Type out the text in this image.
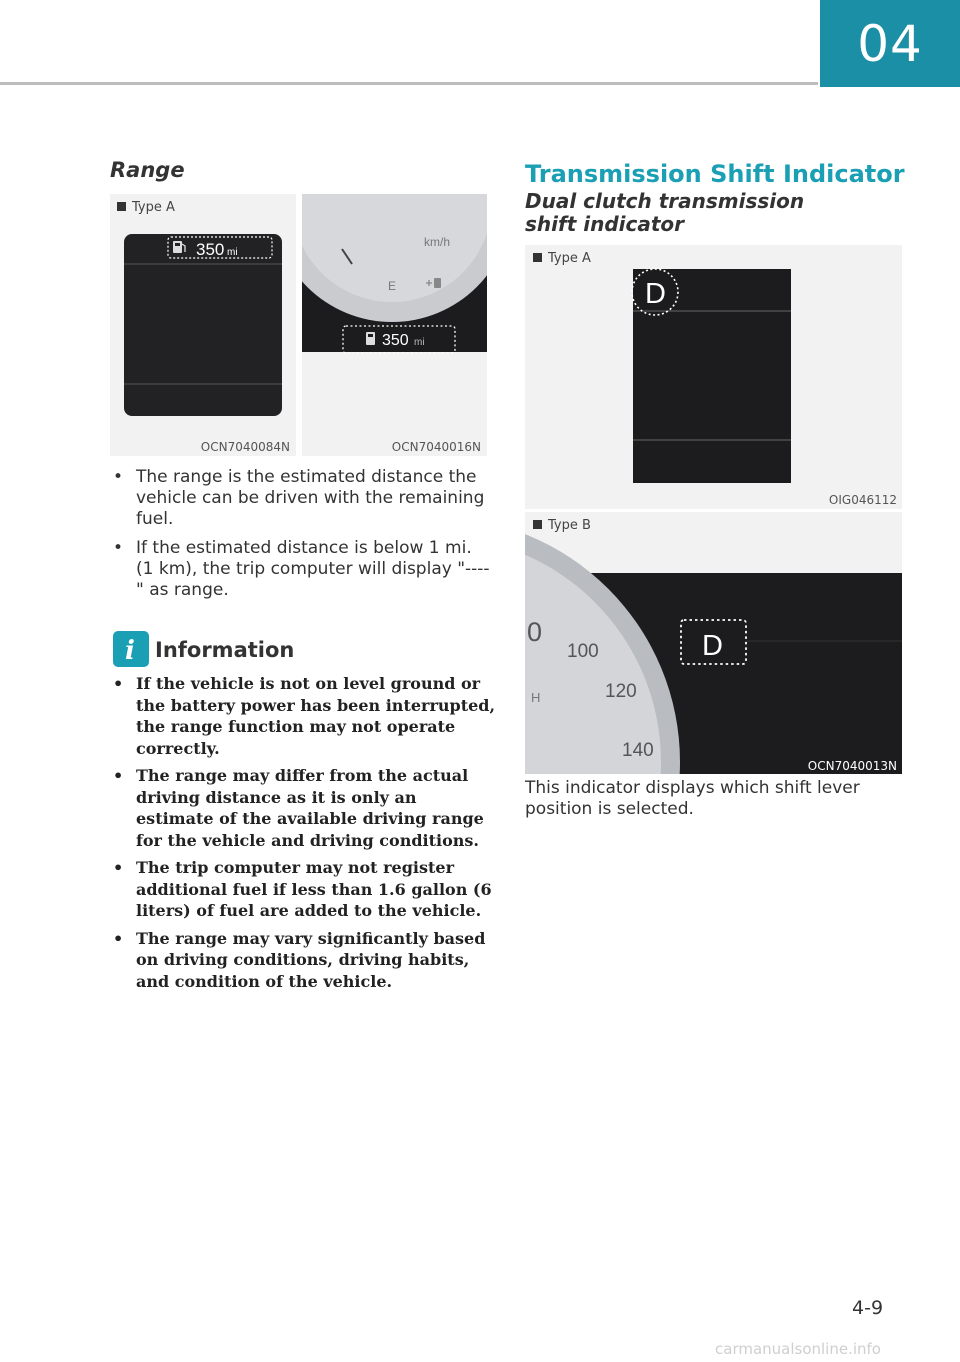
04
Range
Type A
350 mi
OCN7040084N
km/h
E
350 mi
OCN7040016N
• The range is the estimated distance the vehicle can be driven with the remaining fuel.
• If the estimated distance is below 1 mi. (1 km), the trip computer will display "----" as range.
i Information
• If the vehicle is not on level ground or the battery power has been interrupted, the range function may not operate correctly.
• The range may differ from the actual driving distance as it is only an estimate of the available driving range for the vehicle and driving conditions.
• The trip computer may not register additional fuel if less than 1.6 gallon (6 liters) of fuel are added to the vehicle.
• The range may vary significantly based on driving conditions, driving habits, and condition of the vehicle.
Transmission Shift Indicator
Dual clutch transmission shift indicator
Type A
D
OIG046112
Type B
0
100
120
140
H
D
OCN7040013N
This indicator displays which shift lever position is selected.
4-9
carmanualsonline.info
